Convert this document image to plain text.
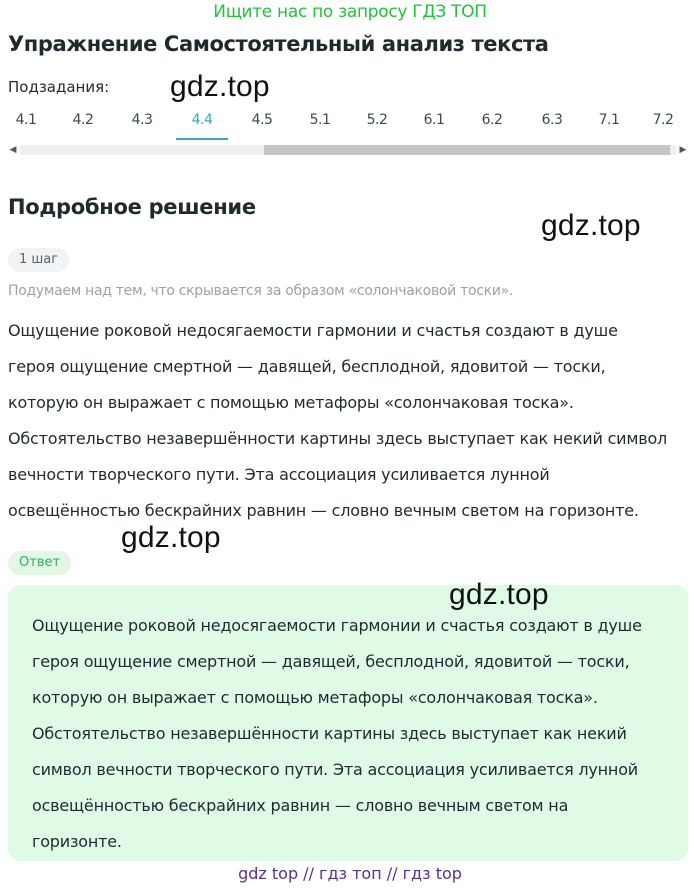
Ищите нас по запросу ГДЗ ТОП
Упражнение Самостоятельный анализ текста
Подзадания: gdz.top
4.1	4.2	4.3	4.4	4.5	5.1	5.2	6.1	6.2	6.3	7.1	7.2
◀	▶
Подробное решение
gdz.top
1 шаг
Подумаем над тем, что скрывается за образом «солончаковой тоски».
Ощущение роковой недосягаемости гармонии и счастья создают в душе
героя ощущение смертной — давящей, бесплодной, ядовитой — тоски,
которую он выражает с помощью метафоры «солончаковая тоска».
Обстоятельство незавершённости картины здесь выступает как некий символ
вечности творческого пути. Эта ассоциация усиливается лунной
освещённостью бескрайних равнин — словно вечным светом на горизонте.
gdz.top
Ответ
gdz.top
Ощущение роковой недосягаемости гармонии и счастья создают в душе
героя ощущение смертной — давящей, бесплодной, ядовитой — тоски,
которую он выражает с помощью метафоры «солончаковая тоска».
Обстоятельство незавершённости картины здесь выступает как некий
символ вечности творческого пути. Эта ассоциация усиливается лунной
освещённостью бескрайних равнин — словно вечным светом на
горизонте.
gdz top // гдз топ // гдз top
